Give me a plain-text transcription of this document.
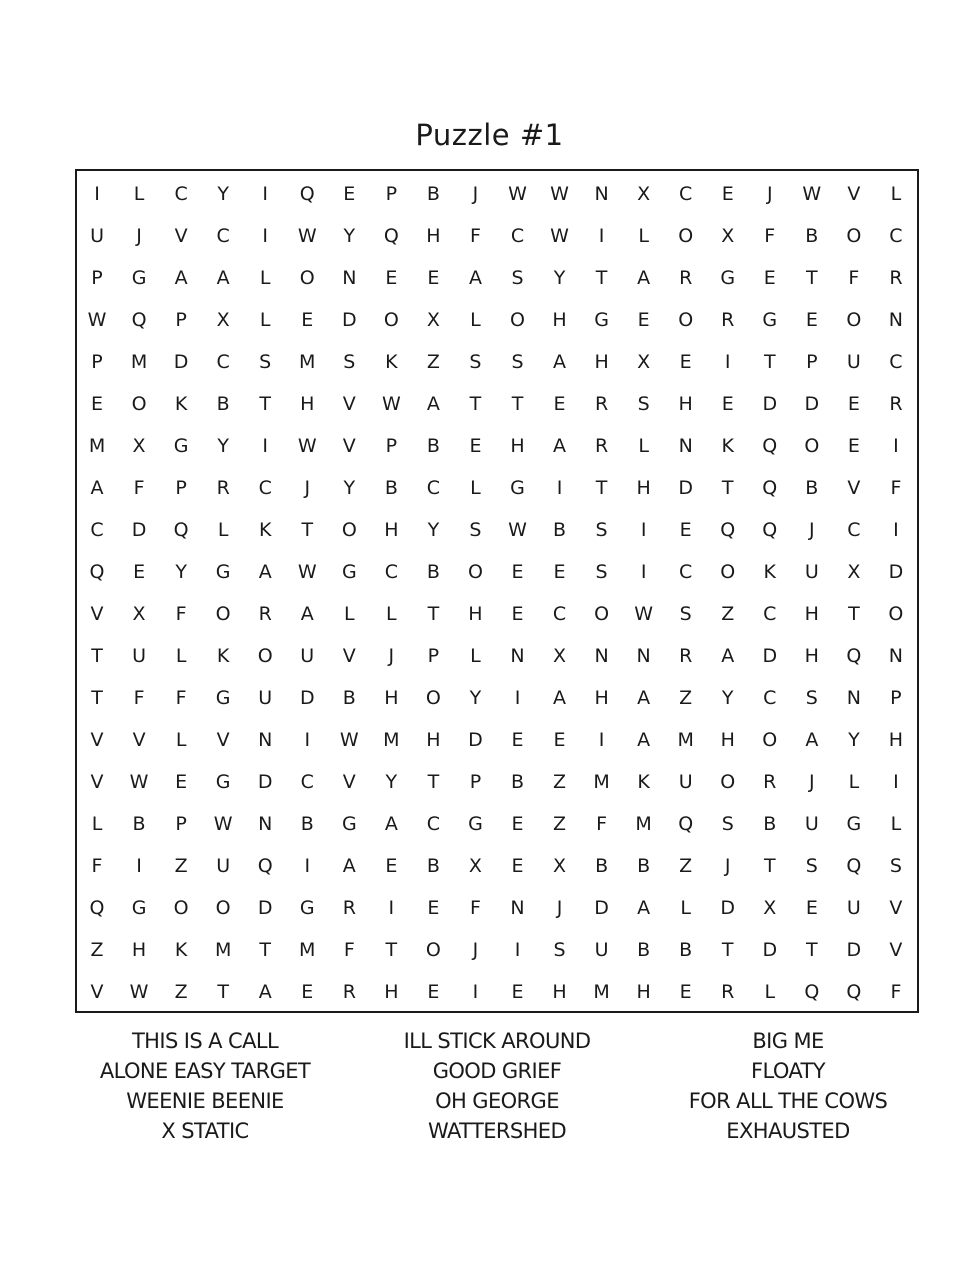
Puzzle #1
I	L	C	Y	I	Q	E	P	B	J	W	W	N	X	C	E	J	W	V	L
U	J	V	C	I	W	Y	Q	H	F	C	W	I	L	O	X	F	B	O	C
P	G	A	A	L	O	N	E	E	A	S	Y	T	A	R	G	E	T	F	R
W	Q	P	X	L	E	D	O	X	L	O	H	G	E	O	R	G	E	O	N
P	M	D	C	S	M	S	K	Z	S	S	A	H	X	E	I	T	P	U	C
E	O	K	B	T	H	V	W	A	T	T	E	R	S	H	E	D	D	E	R
M	X	G	Y	I	W	V	P	B	E	H	A	R	L	N	K	Q	O	E	I
A	F	P	R	C	J	Y	B	C	L	G	I	T	H	D	T	Q	B	V	F
C	D	Q	L	K	T	O	H	Y	S	W	B	S	I	E	Q	Q	J	C	I
Q	E	Y	G	A	W	G	C	B	O	E	E	S	I	C	O	K	U	X	D
V	X	F	O	R	A	L	L	T	H	E	C	O	W	S	Z	C	H	T	O
T	U	L	K	O	U	V	J	P	L	N	X	N	N	R	A	D	H	Q	N
T	F	F	G	U	D	B	H	O	Y	I	A	H	A	Z	Y	C	S	N	P
V	V	L	V	N	I	W	M	H	D	E	E	I	A	M	H	O	A	Y	H
V	W	E	G	D	C	V	Y	T	P	B	Z	M	K	U	O	R	J	L	I
L	B	P	W	N	B	G	A	C	G	E	Z	F	M	Q	S	B	U	G	L
F	I	Z	U	Q	I	A	E	B	X	E	X	B	B	Z	J	T	S	Q	S
Q	G	O	O	D	G	R	I	E	F	N	J	D	A	L	D	X	E	U	V
Z	H	K	M	T	M	F	T	O	J	I	S	U	B	B	T	D	T	D	V
V	W	Z	T	A	E	R	H	E	I	E	H	M	H	E	R	L	Q	Q	F
THIS IS A CALL
ALONE EASY TARGET
WEENIE BEENIE
X STATIC
ILL STICK AROUND
GOOD GRIEF
OH GEORGE
WATTERSHED
BIG ME
FLOATY
FOR ALL THE COWS
EXHAUSTED
